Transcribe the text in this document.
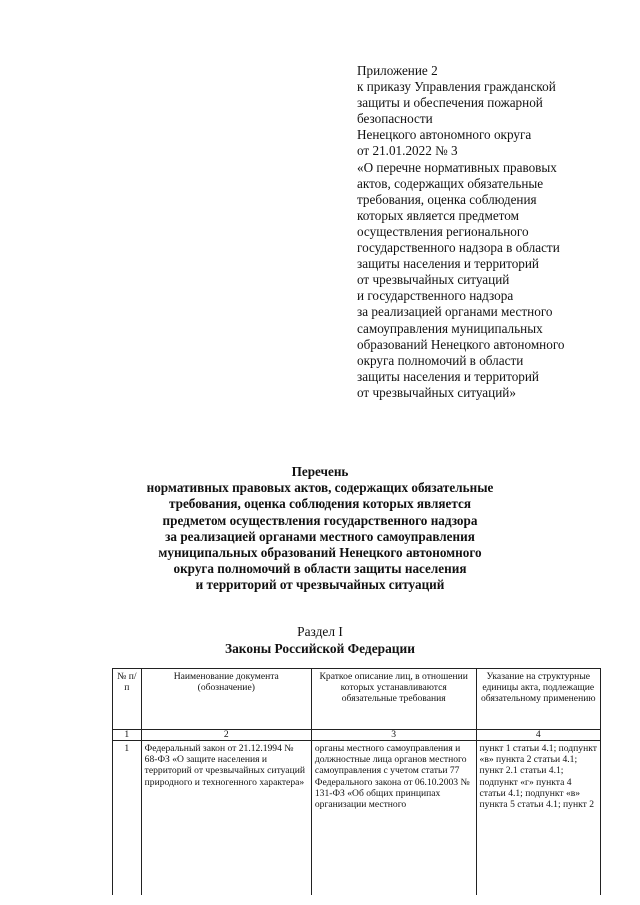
Приложение 2
к приказу Управления гражданской
защиты и обеспечения пожарной
безопасности
Ненецкого автономного округа
от 21.01.2022 № 3
«О перечне нормативных правовых
актов, содержащих обязательные
требования, оценка соблюдения
которых является предметом
осуществления регионального
государственного надзора в области
защиты населения и территорий
от чрезвычайных ситуаций
и государственного надзора
за реализацией органами местного
самоуправления муниципальных
образований Ненецкого автономного
округа полномочий в области
защиты населения и территорий
от чрезвычайных ситуаций»
Перечень
нормативных правовых актов, содержащих обязательные
требования, оценка соблюдения которых является
предметом осуществления государственного надзора
за реализацией органами местного самоуправления
муниципальных образований Ненецкого автономного
округа полномочий в области защиты населения
и территорий от чрезвычайных ситуаций
Раздел I
Законы Российской Федерации
№ п/п	Наименование документа (обозначение)	Краткое описание лиц, в отношении которых устанавливаются обязательные требования	Указание на структурные единицы акта, подлежащие обязательному применению
1	2	3	4
1	Федеральный закон от 21.12.1994 № 68-ФЗ «О защите населения и территорий от чрезвычайных ситуаций природного и техногенного характера»	органы местного самоуправления и должностные лица органов местного самоуправления с учетом статьи 77 Федерального закона от 06.10.2003 № 131-ФЗ «Об общих принципах организации местного	пункт 1 статьи 4.1; подпункт «в» пункта 2 статьи 4.1; пункт 2.1 статьи 4.1; подпункт «г» пункта 4 статьи 4.1; подпункт «в» пункта 5 статьи 4.1; пункт 2
